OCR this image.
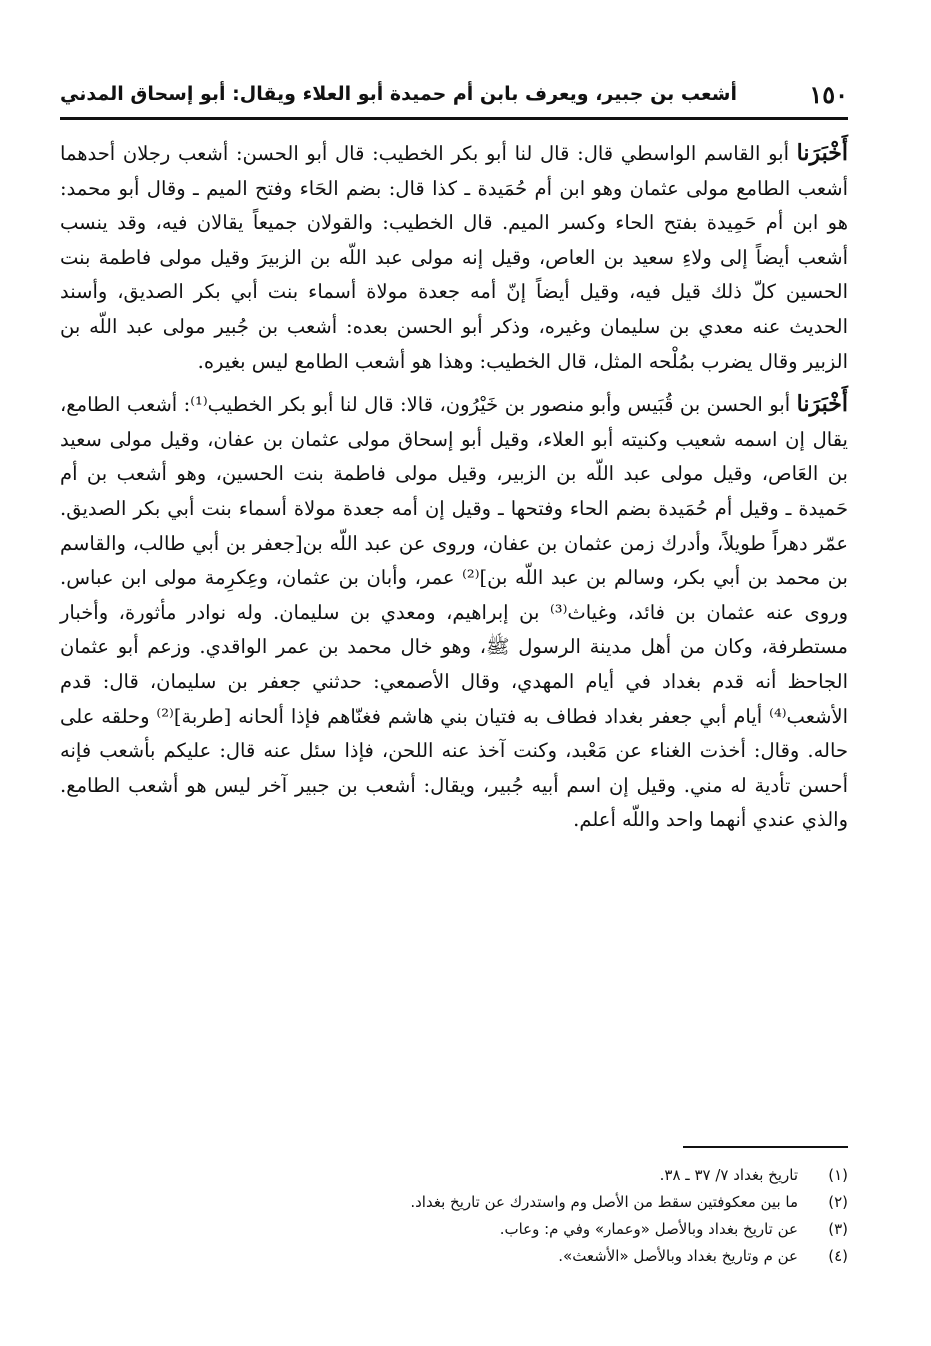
١٥٠
أشعب بن جبير، ويعرف بابن أم حميدة أبو العلاء ويقال: أبو إسحاق المدني

أَخْبَرَنا أبو القاسم الواسطي قال: قال لنا أبو بكر الخطيب: قال أبو الحسن: أشعب رجلان أحدهما أشعب الطامع مولى عثمان وهو ابن أم حُمَيدة ـ كذا قال: بضم الحَاء وفتح الميم ـ وقال أبو محمد: هو ابن أم حَمِيدة بفتح الحاء وكسر الميم. قال الخطيب: والقولان جميعاً يقالان فيه، وقد ينسب أشعب أيضاً إلى ولاءِ سعيد بن العاص، وقيل إنه مولى عبد اللّه بن الزبيرَ وقيل مولى فاطمة بنت الحسين كلّ ذلك قيل فيه، وقيل أيضاً إنّ أمه جعدة مولاة أسماء بنت أبي بكر الصديق، وأسند الحديث عنه معدي بن سليمان وغيره، وذكر أبو الحسن بعده: أشعب بن جُبير مولى عبد اللّه بن الزبير وقال يضرب بمُلْحه المثل، قال الخطيب: وهذا هو أشعب الطامع ليس بغيره.

أَخْبَرَنا أبو الحسن بن قُبَيس وأبو منصور بن خَيْرُون، قالا: قال لنا أبو بكر الخطيب⁽¹⁾: أشعب الطامع، يقال إن اسمه شعيب وكنيته أبو العلاء، وقيل أبو إسحاق مولى عثمان بن عفان، وقيل مولى سعيد بن العَاص، وقيل مولى عبد اللّه بن الزبير، وقيل مولى فاطمة بنت الحسين، وهو أشعب بن أم حَميدة ـ وقيل أم حُمَيدة بضم الحاء وفتحها ـ وقيل إن أمه جعدة مولاة أسماء بنت أبي بكر الصديق. عمّر دهراً طويلاً، وأدرك زمن عثمان بن عفان، وروى عن عبد اللّه بن[جعفر بن أبي طالب، والقاسم بن محمد بن أبي بكر، وسالم بن عبد اللّه بن]⁽²⁾ عمر، وأبان بن عثمان، وعِكرِمة مولى ابن عباس. وروى عنه عثمان بن فائد، وغياث⁽³⁾ بن إبراهيم، ومعدي بن سليمان. وله نوادر مأثورة، وأخبار مستطرفة، وكان من أهل مدينة الرسول ﷺ، وهو خال محمد بن عمر الواقدي. وزعم أبو عثمان الجاحظ أنه قدم بغداد في أيام المهدي، وقال الأصمعي: حدثني جعفر بن سليمان، قال: قدم الأشعب⁽⁴⁾ أيام أبي جعفر بغداد فطاف به فتيان بني هاشم فغنّاهم فإذا ألحانه [طربة]⁽²⁾ وحلقه على حاله. وقال: أخذت الغناء عن مَعْبد، وكنت آخذ عنه اللحن، فإذا سئل عنه قال: عليكم بأشعب فإنه أحسن تأدية له مني. وقيل إن اسم أبيه جُبير، ويقال: أشعب بن جبير آخر ليس هو أشعب الطامع. والذي عندي أنهما واحد واللّه أعلم.

(١)
تاريخ بغداد ٧/ ٣٧ ـ ٣٨.
(٢)
ما بين معكوفتين سقط من الأصل وم واستدرك عن تاريخ بغداد.
(٣)
عن تاريخ بغداد وبالأصل «وعمار» وفي م: وعاب.
(٤)
عن م وتاريخ بغداد وبالأصل «الأشعث».
